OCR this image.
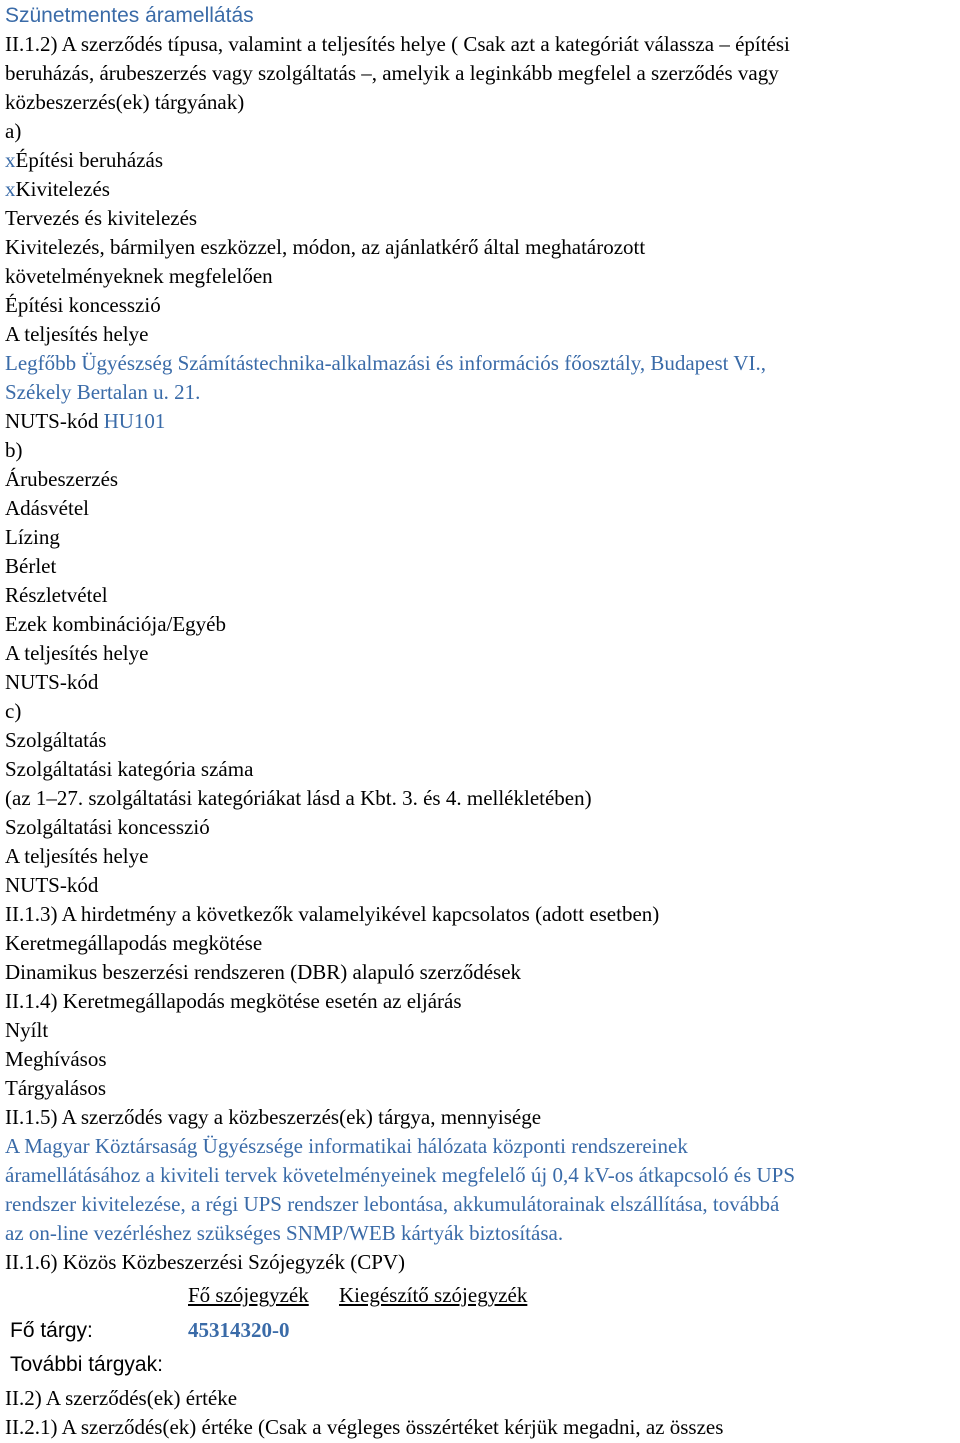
Szünetmentes áramellátás
II.1.2) A szerződés típusa, valamint a teljesítés helye ( Csak azt a kategóriát válassza – építési
beruházás, árubeszerzés vagy szolgáltatás –, amelyik a leginkább megfelel a szerződés vagy
közbeszerzés(ek) tárgyának)
a)
xÉpítési beruházás
xKivitelezés
Tervezés és kivitelezés
Kivitelezés, bármilyen eszközzel, módon, az ajánlatkérő által meghatározott
követelményeknek megfelelően
Építési koncesszió
A teljesítés helye
Legfőbb Ügyészség Számítástechnika-alkalmazási és információs főosztály, Budapest VI.,
Székely Bertalan u. 21.
NUTS-kód HU101
b)
Árubeszerzés
Adásvétel
Lízing
Bérlet
Részletvétel
Ezek kombinációja/Egyéb
A teljesítés helye
NUTS-kód
c)
Szolgáltatás
Szolgáltatási kategória száma
(az 1–27. szolgáltatási kategóriákat lásd a Kbt. 3. és 4. mellékletében)
Szolgáltatási koncesszió
A teljesítés helye
NUTS-kód
II.1.3) A hirdetmény a következők valamelyikével kapcsolatos (adott esetben)
Keretmegállapodás megkötése
Dinamikus beszerzési rendszeren (DBR) alapuló szerződések
II.1.4) Keretmegállapodás megkötése esetén az eljárás
Nyílt
Meghívásos
Tárgyalásos
II.1.5) A szerződés vagy a közbeszerzés(ek) tárgya, mennyisége
A Magyar Köztársaság Ügyészsége informatikai hálózata központi rendszereinek
áramellátásához a kiviteli tervek követelményeinek megfelelő új 0,4 kV-os átkapcsoló és UPS
rendszer kivitelezése, a régi UPS rendszer lebontása, akkumulátorainak elszállítása, továbbá
az on-line vezérléshez szükséges SNMP/WEB kártyák biztosítása.
II.1.6) Közös Közbeszerzési Szójegyzék (CPV)
Fő szójegyzék Kiegészítő szójegyzék
Fő tárgy:	45314320-0
További tárgyak:
II.2) A szerződés(ek) értéke
II.2.1) A szerződés(ek) értéke (Csak a végleges összértéket kérjük megadni, az összes
